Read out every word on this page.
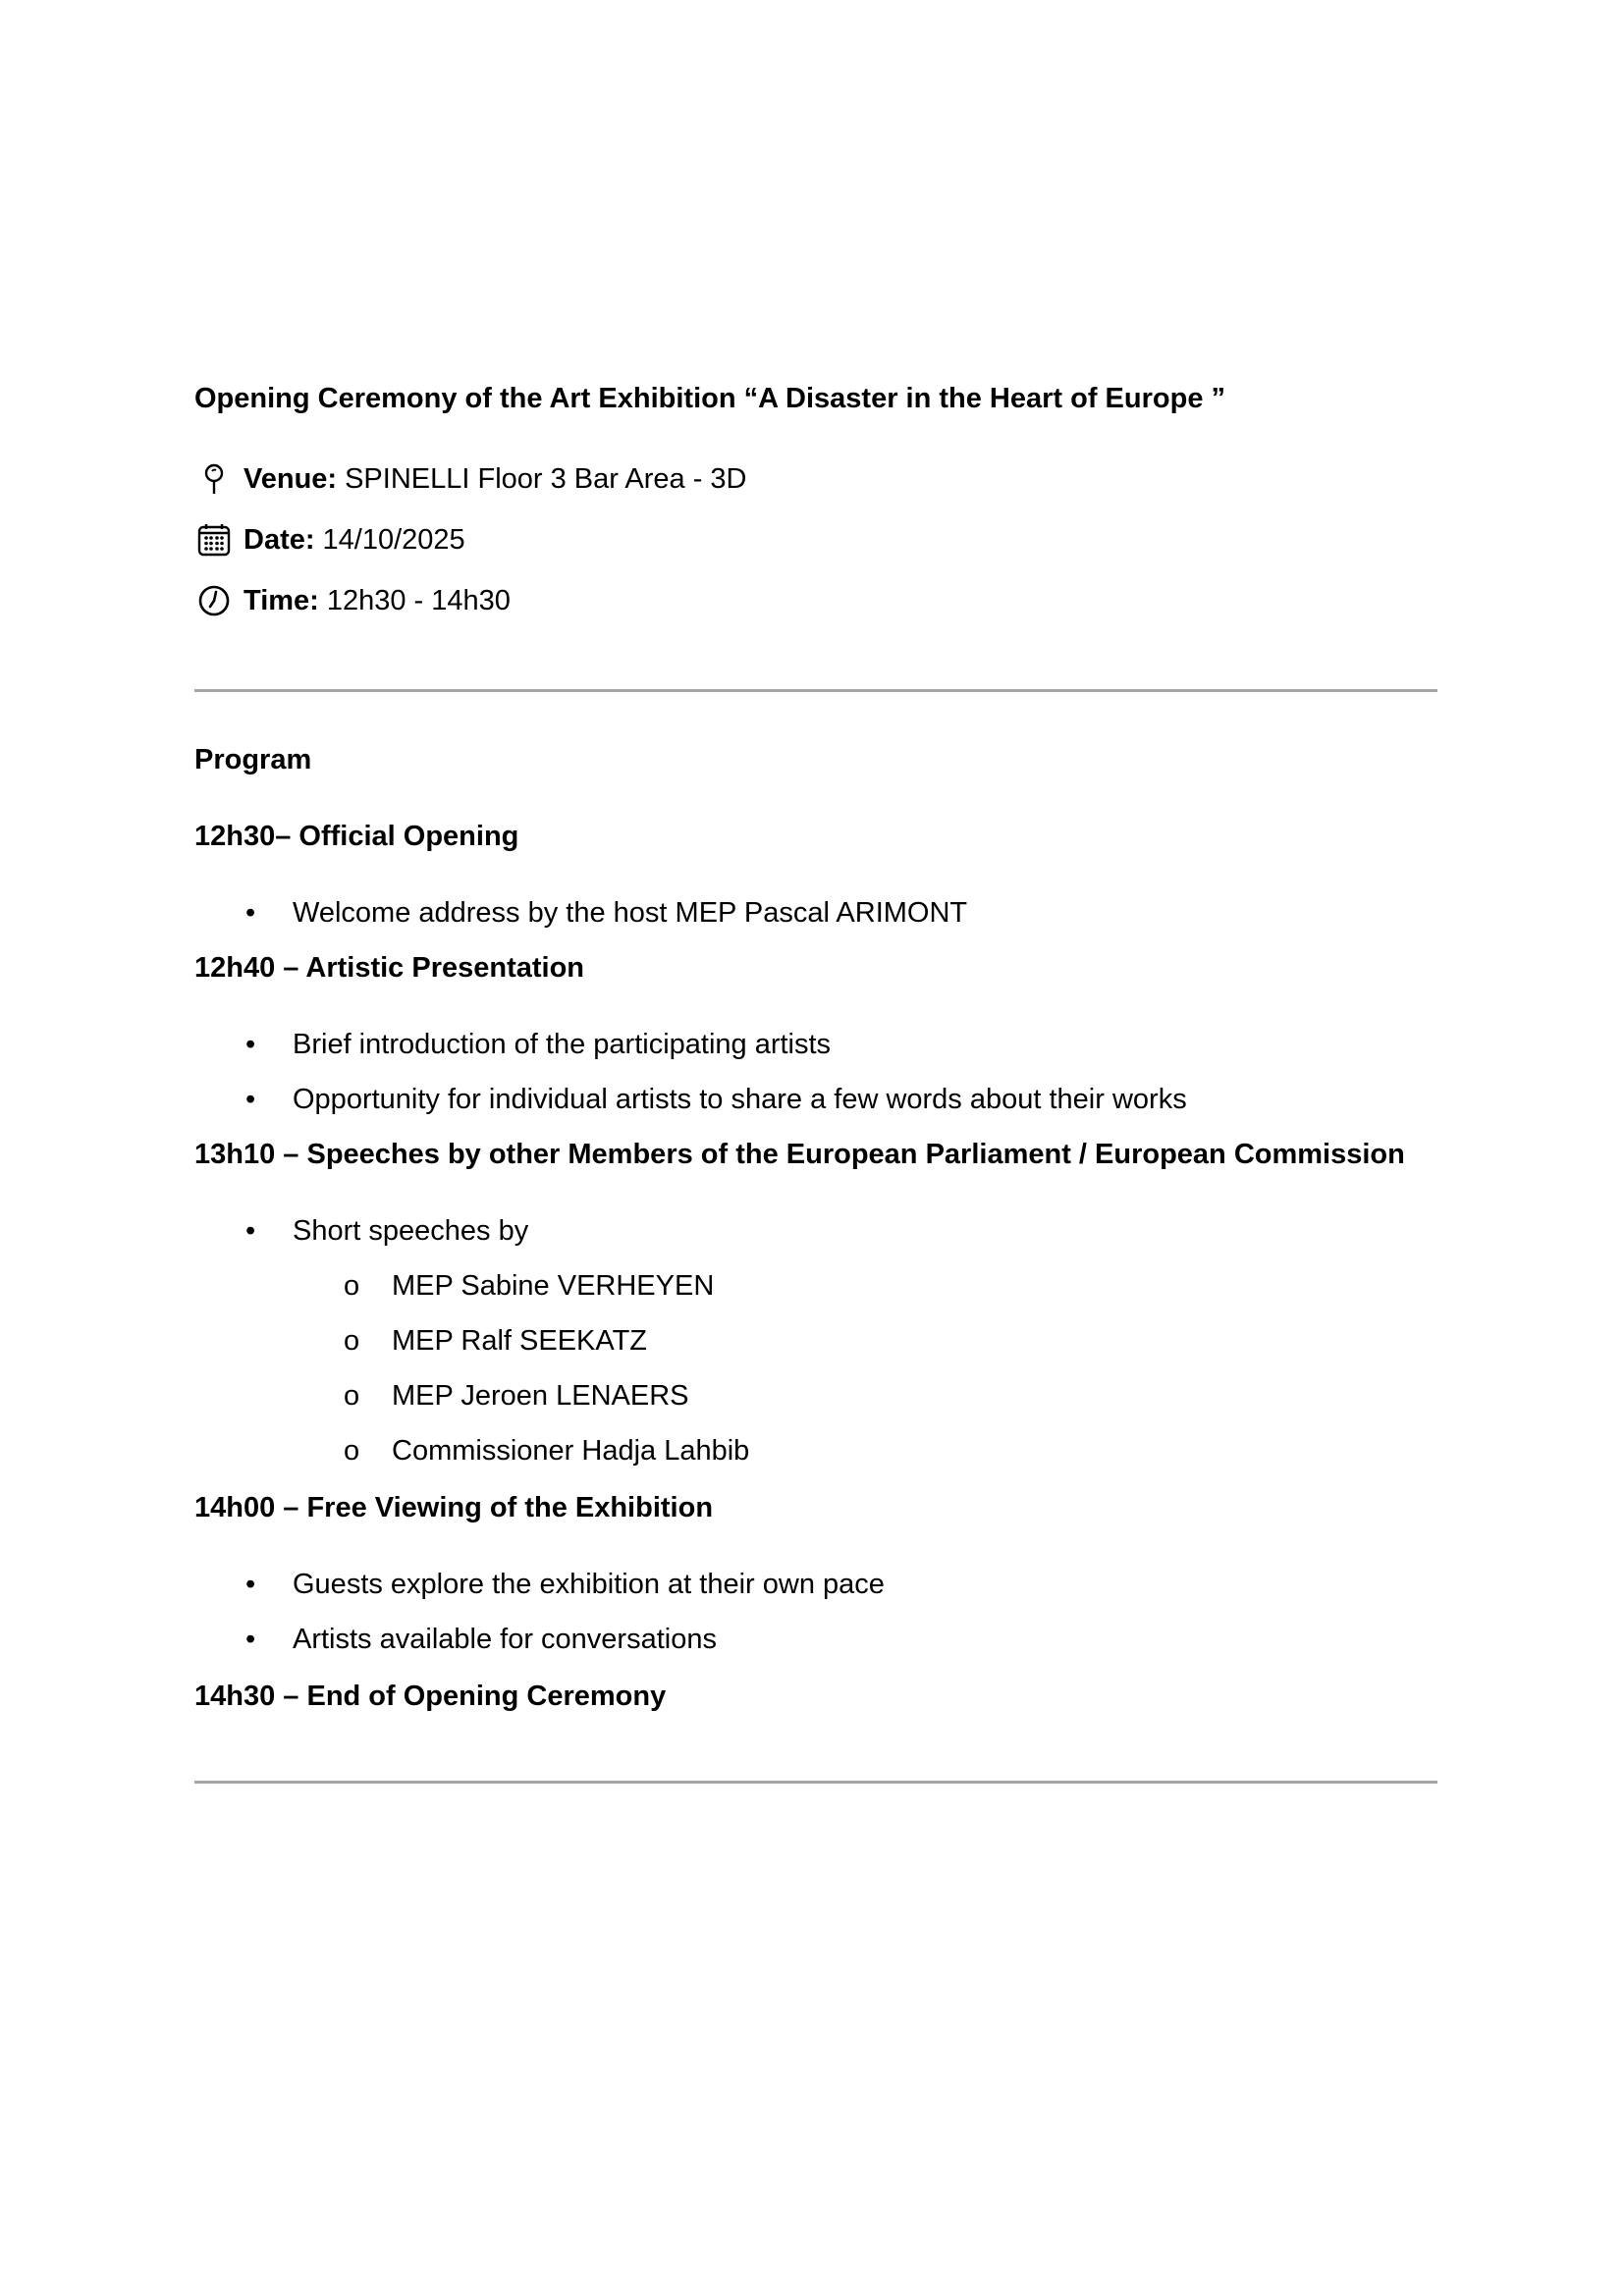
Opening Ceremony of the Art Exhibition “A Disaster in the Heart of Europe ”
Venue: SPINELLI Floor 3 Bar Area - 3D
Date: 14/10/2025
Time: 12h30 - 14h30
Program
12h30– Official Opening
• Welcome address by the host MEP Pascal ARIMONT
12h40 – Artistic Presentation
• Brief introduction of the participating artists
• Opportunity for individual artists to share a few words about their works
13h10 – Speeches by other Members of the European Parliament / European Commission
• Short speeches by
o MEP Sabine VERHEYEN
o MEP Ralf SEEKATZ
o MEP Jeroen LENAERS
o Commissioner Hadja Lahbib
14h00 – Free Viewing of the Exhibition
• Guests explore the exhibition at their own pace
• Artists available for conversations
14h30 – End of Opening Ceremony
